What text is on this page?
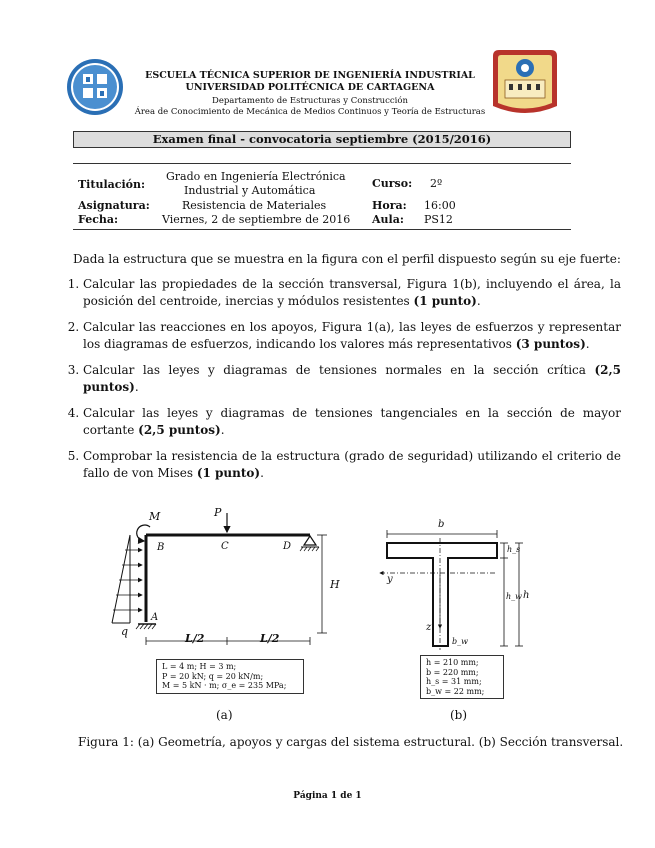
ESCUELA TÉCNICA SUPERIOR DE INGENIERÍA INDUSTRIAL
UNIVERSIDAD POLITÉCNICA DE CARTAGENA
Departamento de Estructuras y Construcción
Área de Conocimiento de Mecánica de Medios Continuos y Teoría de Estructuras
Examen final - convocatoria septiembre (2015/2016)
Titulación:
Grado en Ingeniería Electrónica
Industrial y Automática
Curso: 2º
Asignatura:	Resistencia de Materiales	Hora: 16:00
Fecha:	Viernes, 2 de septiembre de 2016 Aula: PS12
Dada la estructura que se muestra en la figura con el perfil dispuesto según su eje fuerte:
1. Calcular las propiedades de la sección transversal, Figura 1(b), incluyendo el área, la posición del centroide, inercias y módulos resistentes (1 punto).
2. Calcular las reacciones en los apoyos, Figura 1(a), las leyes de esfuerzos y representar los diagramas de esfuerzos, indicando los valores más representativos (3 puntos).
3. Calcular las leyes y diagramas de tensiones normales en la sección crítica (2,5 puntos).
4. Calcular las leyes y diagramas de tensiones tangenciales en la sección de mayor cortante (2,5 puntos).
5. Comprobar la resistencia de la estructura (grado de seguridad) utilizando el criterio de fallo de von Mises (1 punto).
M	P
B	C	D
A
q
H
L/2	L/2
L = 4 m; H = 3 m;
P = 20 kN; q = 20 kN/m;
M = 5 kN · m; σ_e = 235 MPa;
(a)
b
h_s
h_w h
y
z
b_w
h = 210 mm;
b = 220 mm;
h_s = 31 mm;
b_w = 22 mm;
(b)
Figura 1: (a) Geometría, apoyos y cargas del sistema estructural. (b) Sección transversal.
Página 1 de 1
